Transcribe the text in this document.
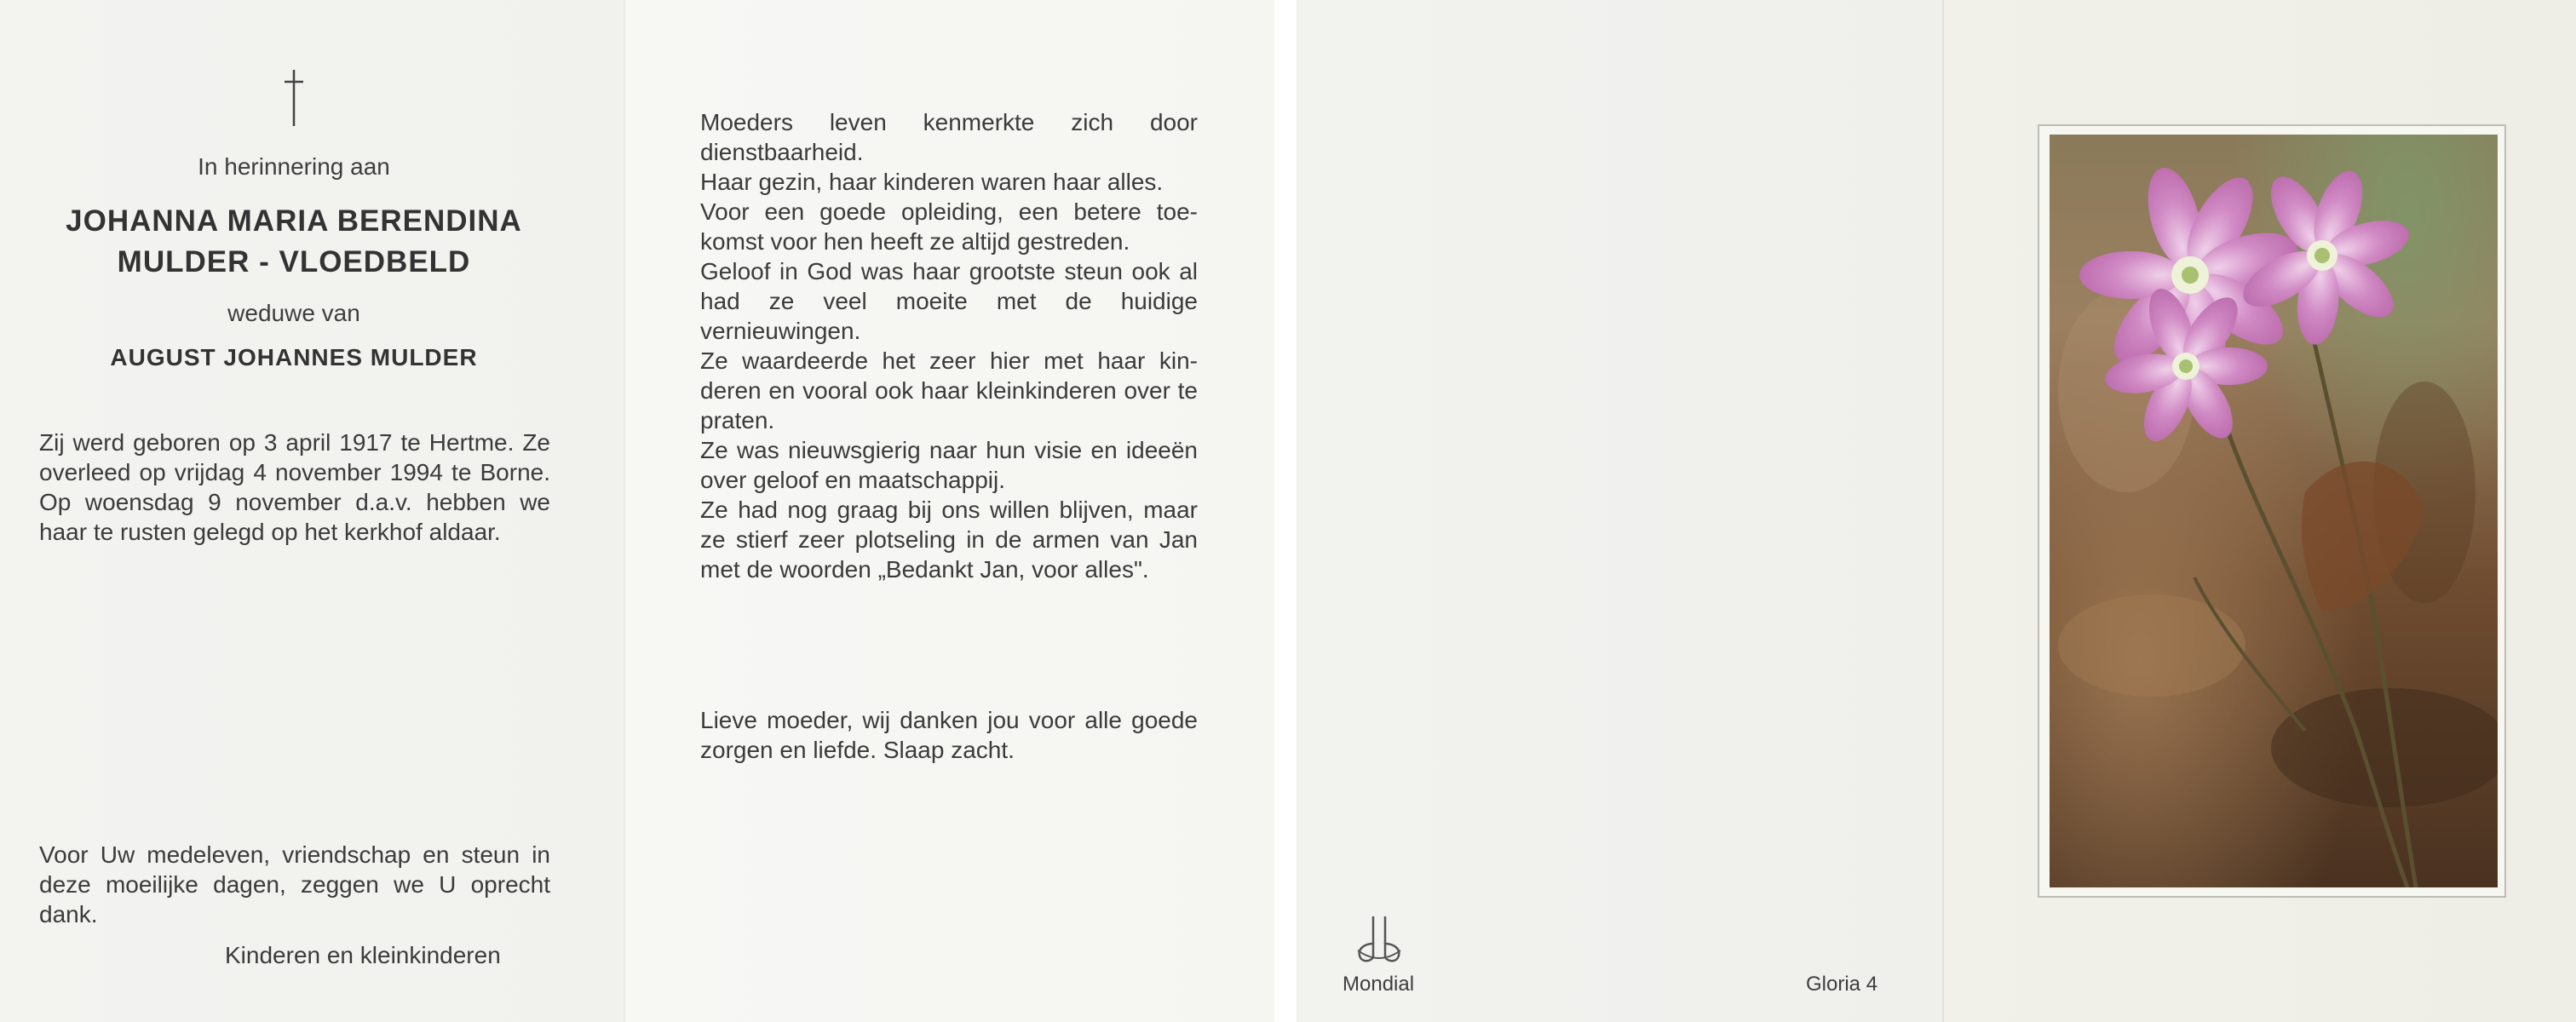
In herinnering aan
JOHANNA MARIA BERENDINA
MULDER - VLOEDBELD
weduwe van
AUGUST JOHANNES MULDER
Zij werd geboren op 3 april 1917 te Hertme. Ze overleed op vrijdag 4 november 1994 te Borne. Op woensdag 9 november d.a.v. hebben we haar te rusten gelegd op het kerkhof aldaar.
Voor Uw medeleven, vriendschap en steun in deze moeilijke dagen, zeggen we U oprecht dank.
Kinderen en kleinkinderen

Moeders leven kenmerkte zich door dienstbaarheid.

Haar gezin, haar kinderen waren haar alles.

Voor een goede opleiding, een betere toe-komst voor hen heeft ze altijd gestreden.

Geloof in God was haar grootste steun ook al had ze veel moeite met de huidige vernieuwingen.

Ze waardeerde het zeer hier met haar kin-deren en vooral ook haar kleinkinderen over te praten.

Ze was nieuwsgierig naar hun visie en ideeën over geloof en maatschappij.

Ze had nog graag bij ons willen blijven, maar ze stierf zeer plotseling in de armen van Jan met de woorden „Bedankt Jan, voor alles".

Lieve moeder, wij danken jou voor alle goede zorgen en liefde. Slaap zacht.
Mondial	Gloria 4
